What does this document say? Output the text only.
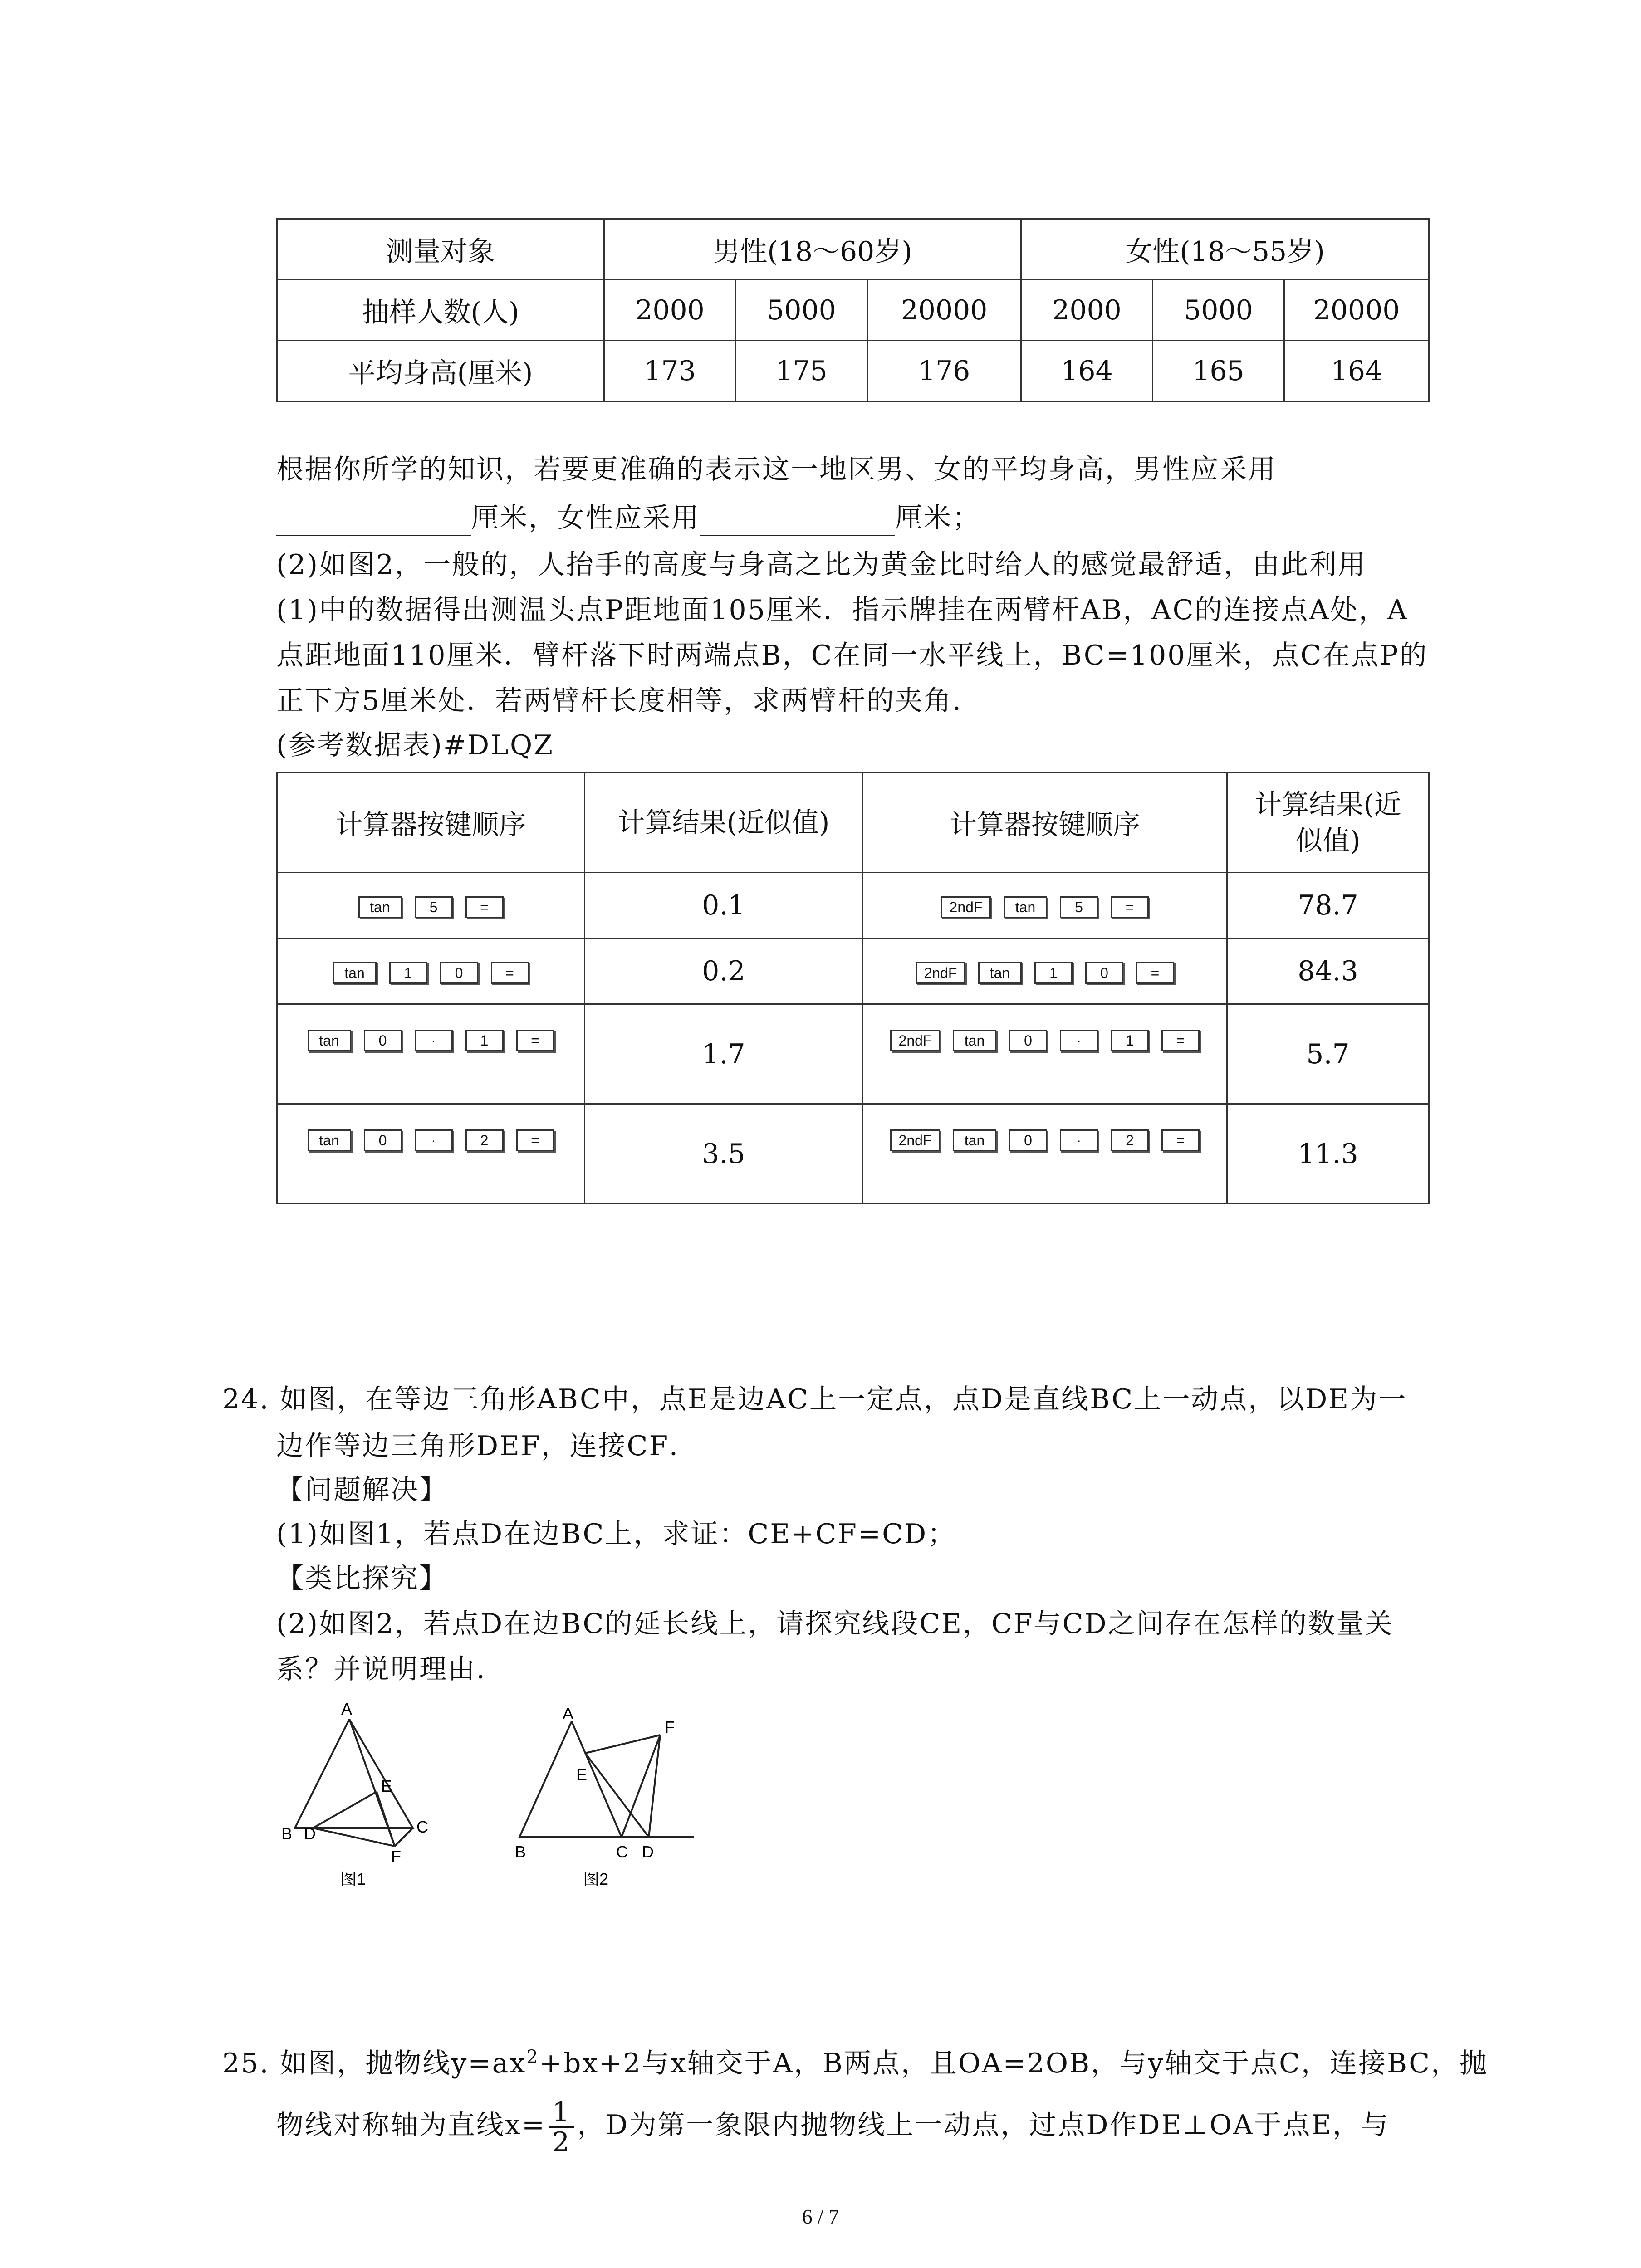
测量对象	男性(18～60岁)			女性(18～55岁)		
抽样人数(人)	2000	5000	20000	2000	5000	20000
平均身高(厘米)	173	175	176	164	165	164
根据你所学的知识，若要更准确的表示这一地区男、女的平均身高，男性应采用
厘米，女性应采用	厘米；
(2)如图2，一般的，人抬手的高度与身高之比为黄金比时给人的感觉最舒适，由此利用
(1)中的数据得出测温头点P距地面105厘米．指示牌挂在两臂杆AB，AC的连接点A处，A
点距地面110厘米．臂杆落下时两端点B，C在同一水平线上，BC=100厘米，点C在点P的
正下方5厘米处．若两臂杆长度相等，求两臂杆的夹角．
(参考数据表)#DLQZ
计算器按键顺序	计算结果(近似值)	计算器按键顺序	计算结果(近似值)
tan 5 =	0.1	2ndF tan 5 =	78.7
tan 1 0 =	0.2	2ndF tan 1 0 =	84.3
tan 0 · 1 =	1.7	2ndF tan 0 · 1 =	5.7
tan 0 · 2 =	3.5	2ndF tan 0 · 2 =	11.3
24. 如图，在等边三角形ABC中，点E是边AC上一定点，点D是直线BC上一动点，以DE为一
边作等边三角形DEF，连接CF．
【问题解决】
(1)如图1，若点D在边BC上，求证：CE+CF=CD；
【类比探究】
(2)如图2，若点D在边BC的延长线上，请探究线段CE，CF与CD之间存在怎样的数量关
系？并说明理由．
A
E
B D	C
F
图1
A
F
E
B	C D
图2
25. 如图，抛物线$y=ax^2+bx+2$与x轴交于A，B两点，且OA=2OB，与y轴交于点C，连接BC，抛
物线对称轴为直线$x= \frac{1}{2}$ ，D为第一象限内抛物线上一动点，过点D作DE⊥OA于点E，与
6 / 7
